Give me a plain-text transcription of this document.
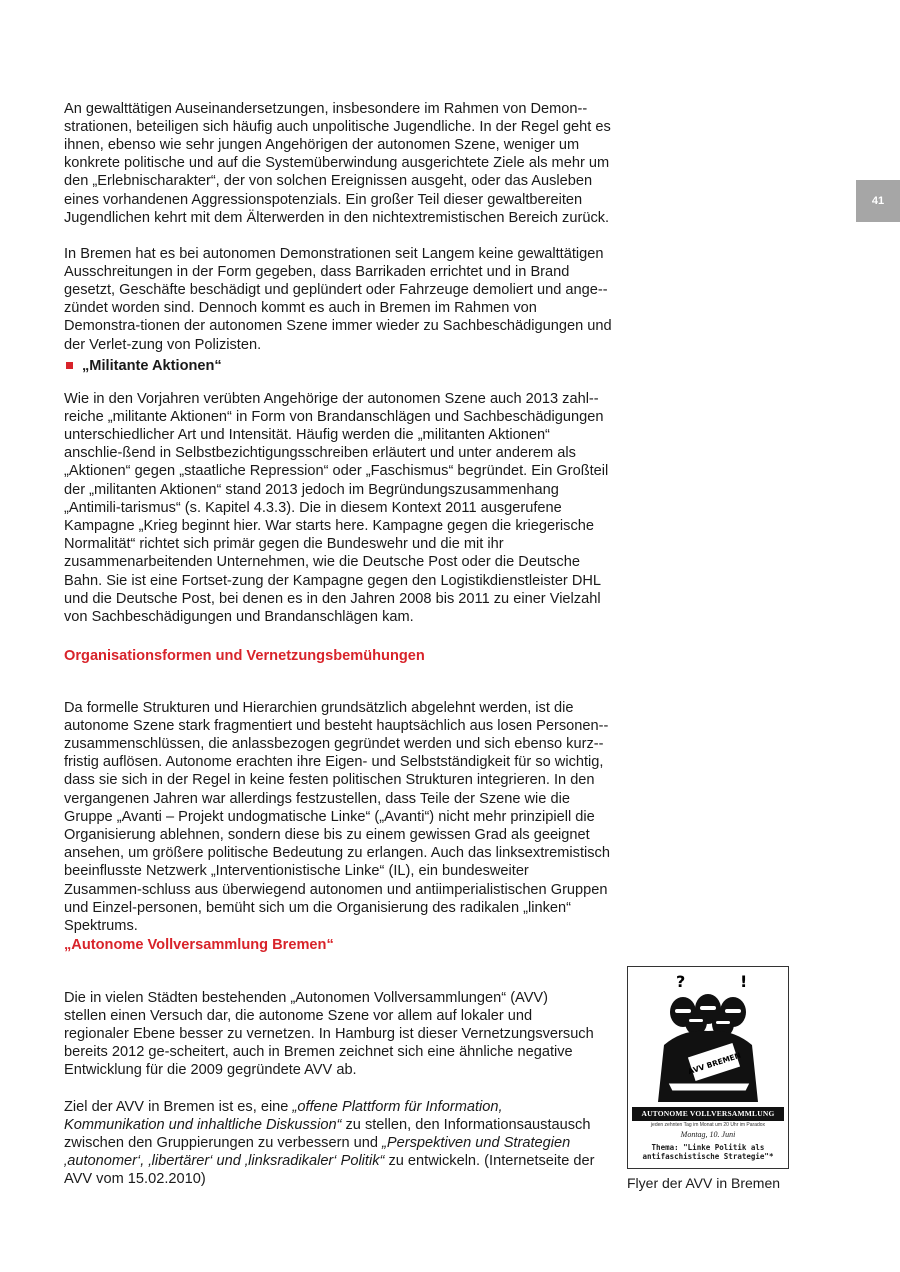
41

An gewalttätigen Auseinandersetzungen, insbesondere im Rahmen von Demon-strationen, beteiligen sich häufig auch unpolitische Jugendliche. In der Regel geht es ihnen, ebenso wie sehr jungen Angehörigen der autonomen Szene, weniger um konkrete politische und auf die Systemüberwindung ausgerichtete Ziele als mehr um den „Erlebnischarakter“, der von solchen Ereignissen ausgeht, oder das Ausleben eines vorhandenen Aggressionspotenzials. Ein großer Teil dieser gewaltbereiten Jugendlichen kehrt mit dem Älterwerden in den nichtextremistischen Bereich zurück.

In Bremen hat es bei autonomen Demonstrationen seit Langem keine gewalttätigen Ausschreitungen in der Form gegeben, dass Barrikaden errichtet und in Brand gesetzt, Geschäfte beschädigt und geplündert oder Fahrzeuge demoliert und ange-zündet worden sind. Dennoch kommt es auch in Bremen im Rahmen von Demonstra-tionen der autonomen Szene immer wieder zu Sachbeschädigungen und der Verlet-zung von Polizisten.

„Militante Aktionen“

Wie in den Vorjahren verübten Angehörige der autonomen Szene auch 2013 zahl-reiche „militante Aktionen“ in Form von Brandanschlägen und Sachbeschädigungen unterschiedlicher Art und Intensität. Häufig werden die „militanten Aktionen“ anschlie-ßend in Selbstbezichtigungsschreiben erläutert und unter anderem als „Aktionen“ gegen „staatliche Repression“ oder „Faschismus“ begründet. Ein Großteil der „militanten Aktionen“ stand 2013 jedoch im Begründungszusammenhang „Antimili-tarismus“ (s. Kapitel 4.3.3). Die in diesem Kontext 2011 ausgerufene Kampagne „Krieg beginnt hier. War starts here. Kampagne gegen die kriegerische Normalität“ richtet sich primär gegen die Bundeswehr und die mit ihr zusammenarbeitenden Unternehmen, wie die Deutsche Post oder die Deutsche Bahn. Sie ist eine Fortset-zung der Kampagne gegen den Logistikdienstleister DHL und die Deutsche Post, bei denen es in den Jahren 2008 bis 2011 zu einer Vielzahl von Sachbeschädigungen und Brandanschlägen kam.

Organisationsformen und Vernetzungsbemühungen

Da formelle Strukturen und Hierarchien grundsätzlich abgelehnt werden, ist die autonome Szene stark fragmentiert und besteht hauptsächlich aus losen Personen-zusammenschlüssen, die anlassbezogen gegründet werden und sich ebenso kurz-fristig auflösen. Autonome erachten ihre Eigen- und Selbstständigkeit für so wichtig, dass sie sich in der Regel in keine festen politischen Strukturen integrieren. In den vergangenen Jahren war allerdings festzustellen, dass Teile der Szene wie die Gruppe „Avanti – Projekt undogmatische Linke“ („Avanti“) nicht mehr prinzipiell die Organisierung ablehnen, sondern diese bis zu einem gewissen Grad als geeignet ansehen, um größere politische Bedeutung zu erlangen. Auch das linksextremistisch beeinflusste Netzwerk „Interventionistische Linke“ (IL), ein bundesweiter Zusammen-schluss aus überwiegend autonomen und antiimperialistischen Gruppen und Einzel-personen, bemüht sich um die Organisierung des radikalen „linken“ Spektrums.

„Autonome Vollversammlung Bremen“

Die in vielen Städten bestehenden „Autonomen Vollversammlungen“ (AVV) stellen einen Versuch dar, die autonome Szene vor allem auf lokaler und regionaler Ebene besser zu vernetzen. In Hamburg ist dieser Vernetzungsversuch bereits 2012 ge-scheitert, auch in Bremen zeichnet sich eine ähnliche negative Entwicklung für die 2009 gegründete AVV ab.

Ziel der AVV in Bremen ist es, eine „offene Plattform für Information, Kommunikation und inhaltliche Diskussion“ zu stellen, den Informationsaustausch zwischen den Gruppierungen zu verbessern und „Perspektiven und Strategien ‚autonomer‘, ‚libertärer‘ und ‚linksradikaler‘ Politik“ zu entwickeln. (Internetseite der AVV vom 15.02.2010)

?	!
AVV BREMEN
AUTONOME VOLLVERSAMMLUNG
jeden zehnten Tag im Monat um 20 Uhr im Paradox
Montag, 10. Juni
Thema: "Linke Politik als antifaschistische Strategie"*
Flyer der AVV in Bremen
